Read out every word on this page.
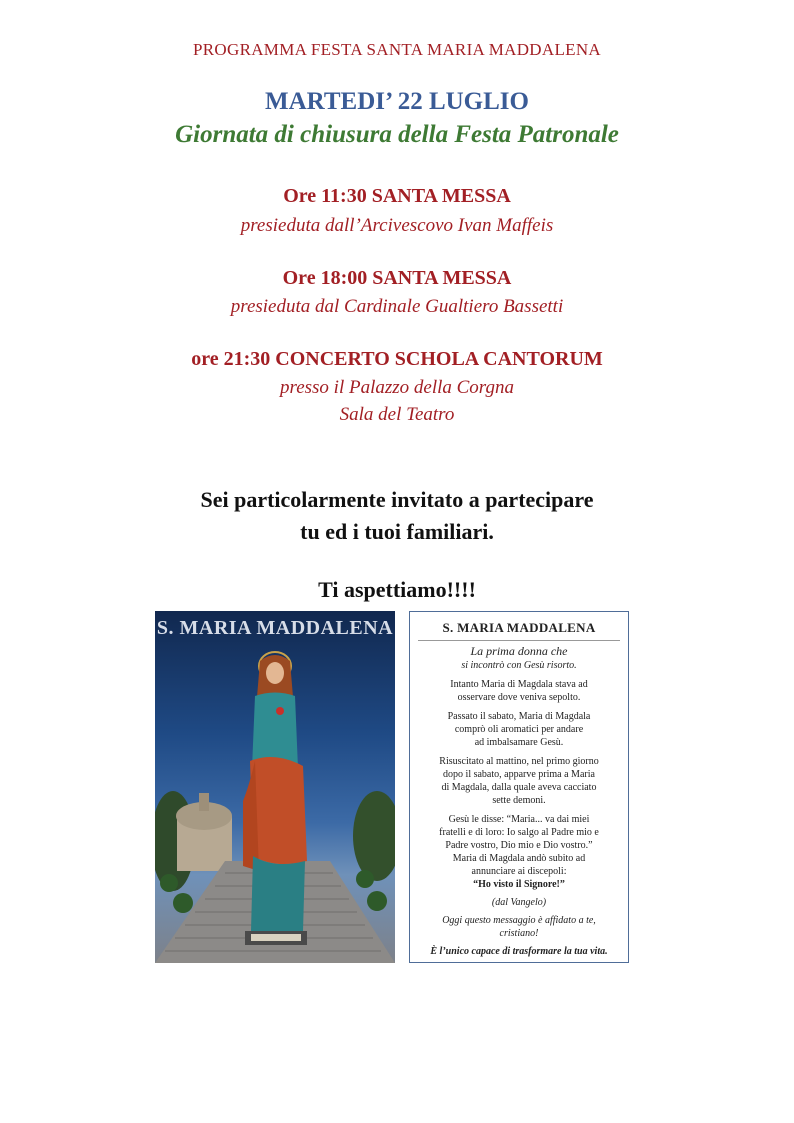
PROGRAMMA FESTA SANTA MARIA MADDALENA
MARTEDI’ 22 LUGLIO
Giornata di chiusura della Festa Patronale
Ore 11:30 SANTA MESSA
presieduta dall’Arcivescovo Ivan Maffeis
Ore 18:00 SANTA MESSA
presieduta dal Cardinale Gualtiero Bassetti
ore 21:30 CONCERTO SCHOLA CANTORUM
presso il Palazzo della Corgna
Sala del Teatro
Sei particolarmente invitato a partecipare
tu ed i tuoi familiari.
Ti aspettiamo!!!!
S. MARIA MADDALENA	S. MARIA MADDALENA
La prima donna che
si incontrò con Gesù risorto.
Intanto Maria di Magdala stava ad
osservare dove veniva sepolto.
Passato il sabato, Maria di Magdala
comprò oli aromatici per andare
ad imbalsamare Gesù.
Risuscitato al mattino, nel primo giorno
dopo il sabato, apparve prima a Maria
di Magdala, dalla quale aveva cacciato
sette demoni.
Gesù le disse: “Maria... va dai miei
fratelli e di loro: Io salgo al Padre mio e
Padre vostro, Dio mio e Dio vostro.”
Maria di Magdala andò subito ad
annunciare ai discepoli:
“Ho visto il Signore!”
(dal Vangelo)
Oggi questo messaggio è affidato a te,
cristiano!
È l’unico capace di trasformare la tua vita.
